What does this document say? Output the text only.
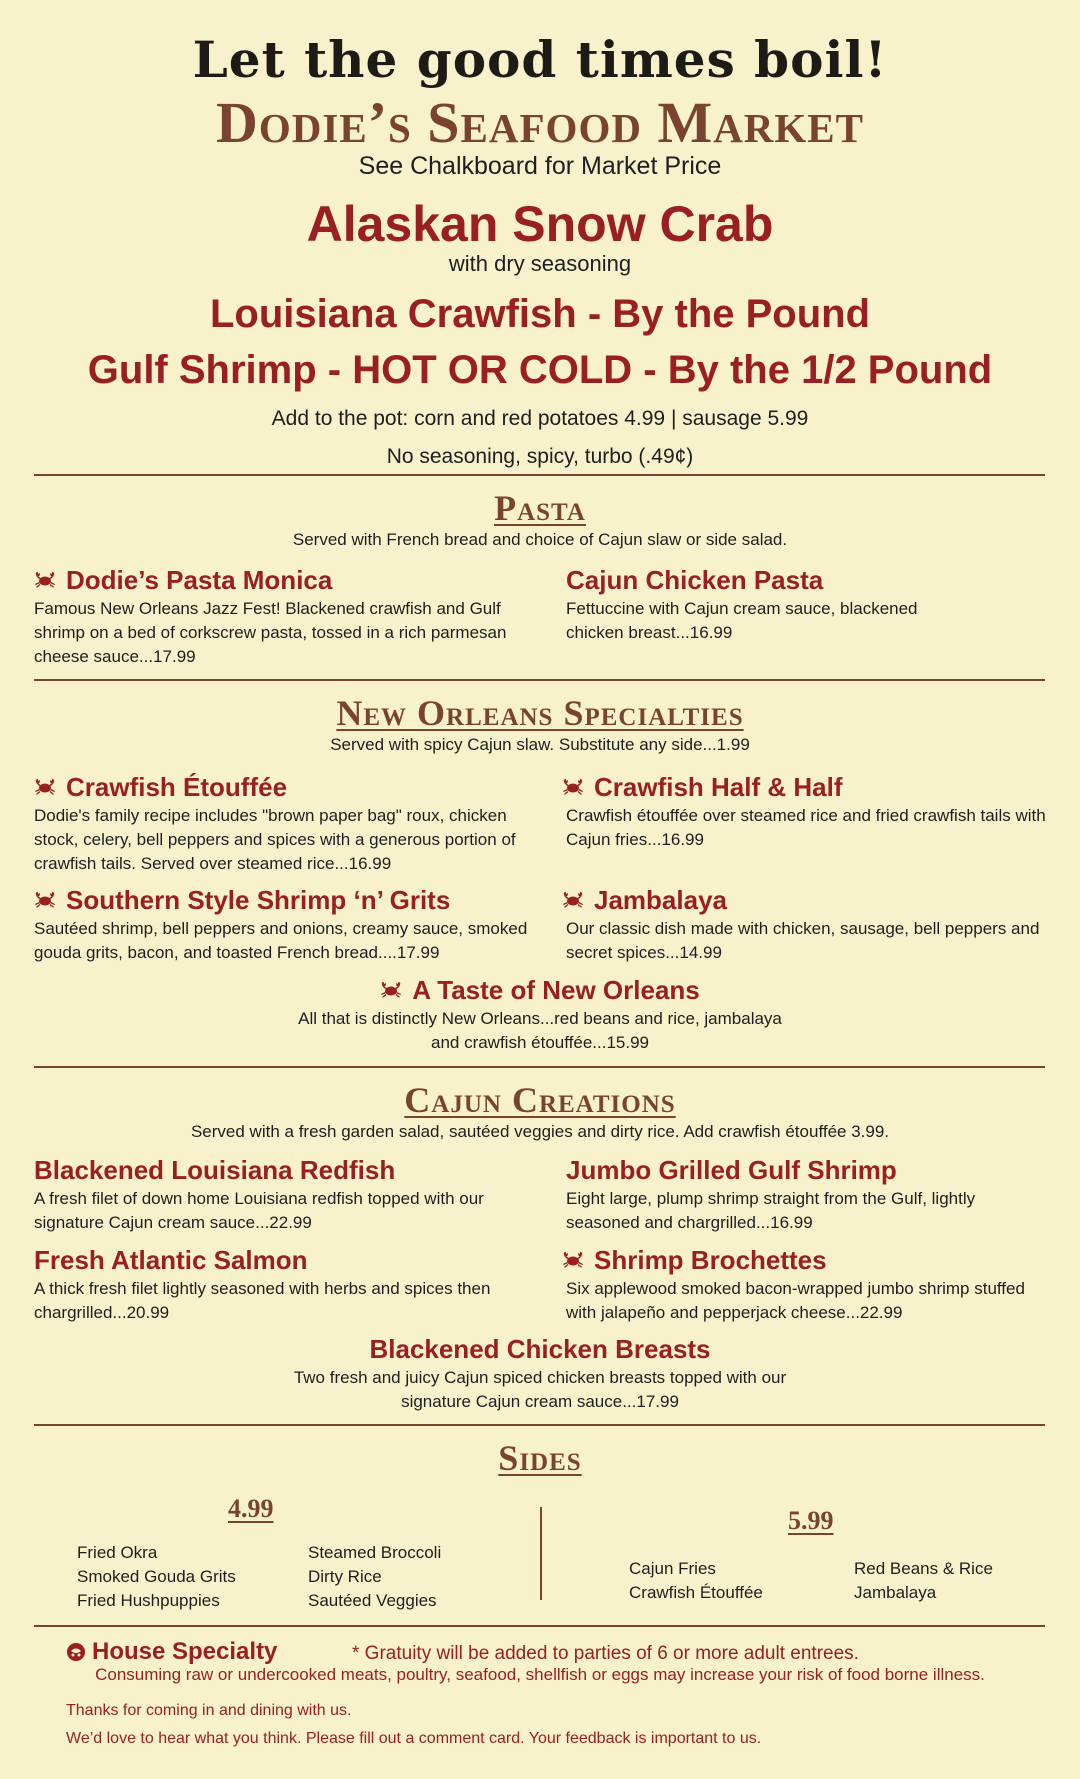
Let the good times boil!

Dodie’s Seafood Market

See Chalkboard for Market Price

Alaskan Snow Crab

with dry seasoning

Louisiana Crawfish - By the Pound

Gulf Shrimp - HOT OR COLD - By the 1/2 Pound

Add to the pot: corn and red potatoes 4.99 | sausage 5.99

No seasoning, spicy, turbo (.49¢)

Pasta
Served with French bread and choice of Cajun slaw or side salad.
Dodie’s Pasta Monica
Famous New Orleans Jazz Fest! Blackened crawfish and Gulf shrimp on a bed of corkscrew pasta, tossed in a rich parmesan cheese sauce...17.99
Cajun Chicken Pasta
Fettuccine with Cajun cream sauce, blackened chicken breast...16.99
New Orleans Specialties
Served with spicy Cajun slaw. Substitute any side...1.99
Crawfish Étouffée
Dodie's family recipe includes "brown paper bag" roux, chicken stock, celery, bell peppers and spices with a generous portion of crawfish tails. Served over steamed rice...16.99
Crawfish Half & Half
Crawfish étouffée over steamed rice and fried crawfish tails with Cajun fries...16.99
Southern Style Shrimp ‘n’ Grits
Sautéed shrimp, bell peppers and onions, creamy sauce, smoked gouda grits, bacon, and toasted French bread....17.99
Jambalaya
Our classic dish made with chicken, sausage, bell peppers and secret spices...14.99
A Taste of New Orleans
All that is distinctly New Orleans...red beans and rice, jambalaya
and crawfish étouffée...15.99
Cajun Creations
Served with a fresh garden salad, sautéed veggies and dirty rice. Add crawfish étouffée 3.99.
Blackened Louisiana Redfish
A fresh filet of down home Louisiana redfish topped with our signature Cajun cream sauce...22.99
Jumbo Grilled Gulf Shrimp
Eight large, plump shrimp straight from the Gulf, lightly seasoned and chargrilled...16.99
Fresh Atlantic Salmon
A thick fresh filet lightly seasoned with herbs and spices then chargrilled...20.99
Shrimp Brochettes
Six applewood smoked bacon-wrapped jumbo shrimp stuffed with jalapeño and pepperjack cheese...22.99
Blackened Chicken Breasts
Two fresh and juicy Cajun spiced chicken breasts topped with our
signature Cajun cream sauce...17.99
Sides
4.99
Fried Okra
Smoked Gouda Grits
Fried Hushpuppies
Steamed Broccoli
Dirty Rice
Sautéed Veggies
5.99
Cajun Fries
Crawfish Étouffée
Red Beans & Rice
Jambalaya
House Specialty	* Gratuity will be added to parties of 6 or more adult entrees.
Consuming raw or undercooked meats, poultry, seafood, shellfish or eggs may increase your risk of food borne illness.
Thanks for coming in and dining with us.
We’d love to hear what you think. Please fill out a comment card. Your feedback is important to us.
